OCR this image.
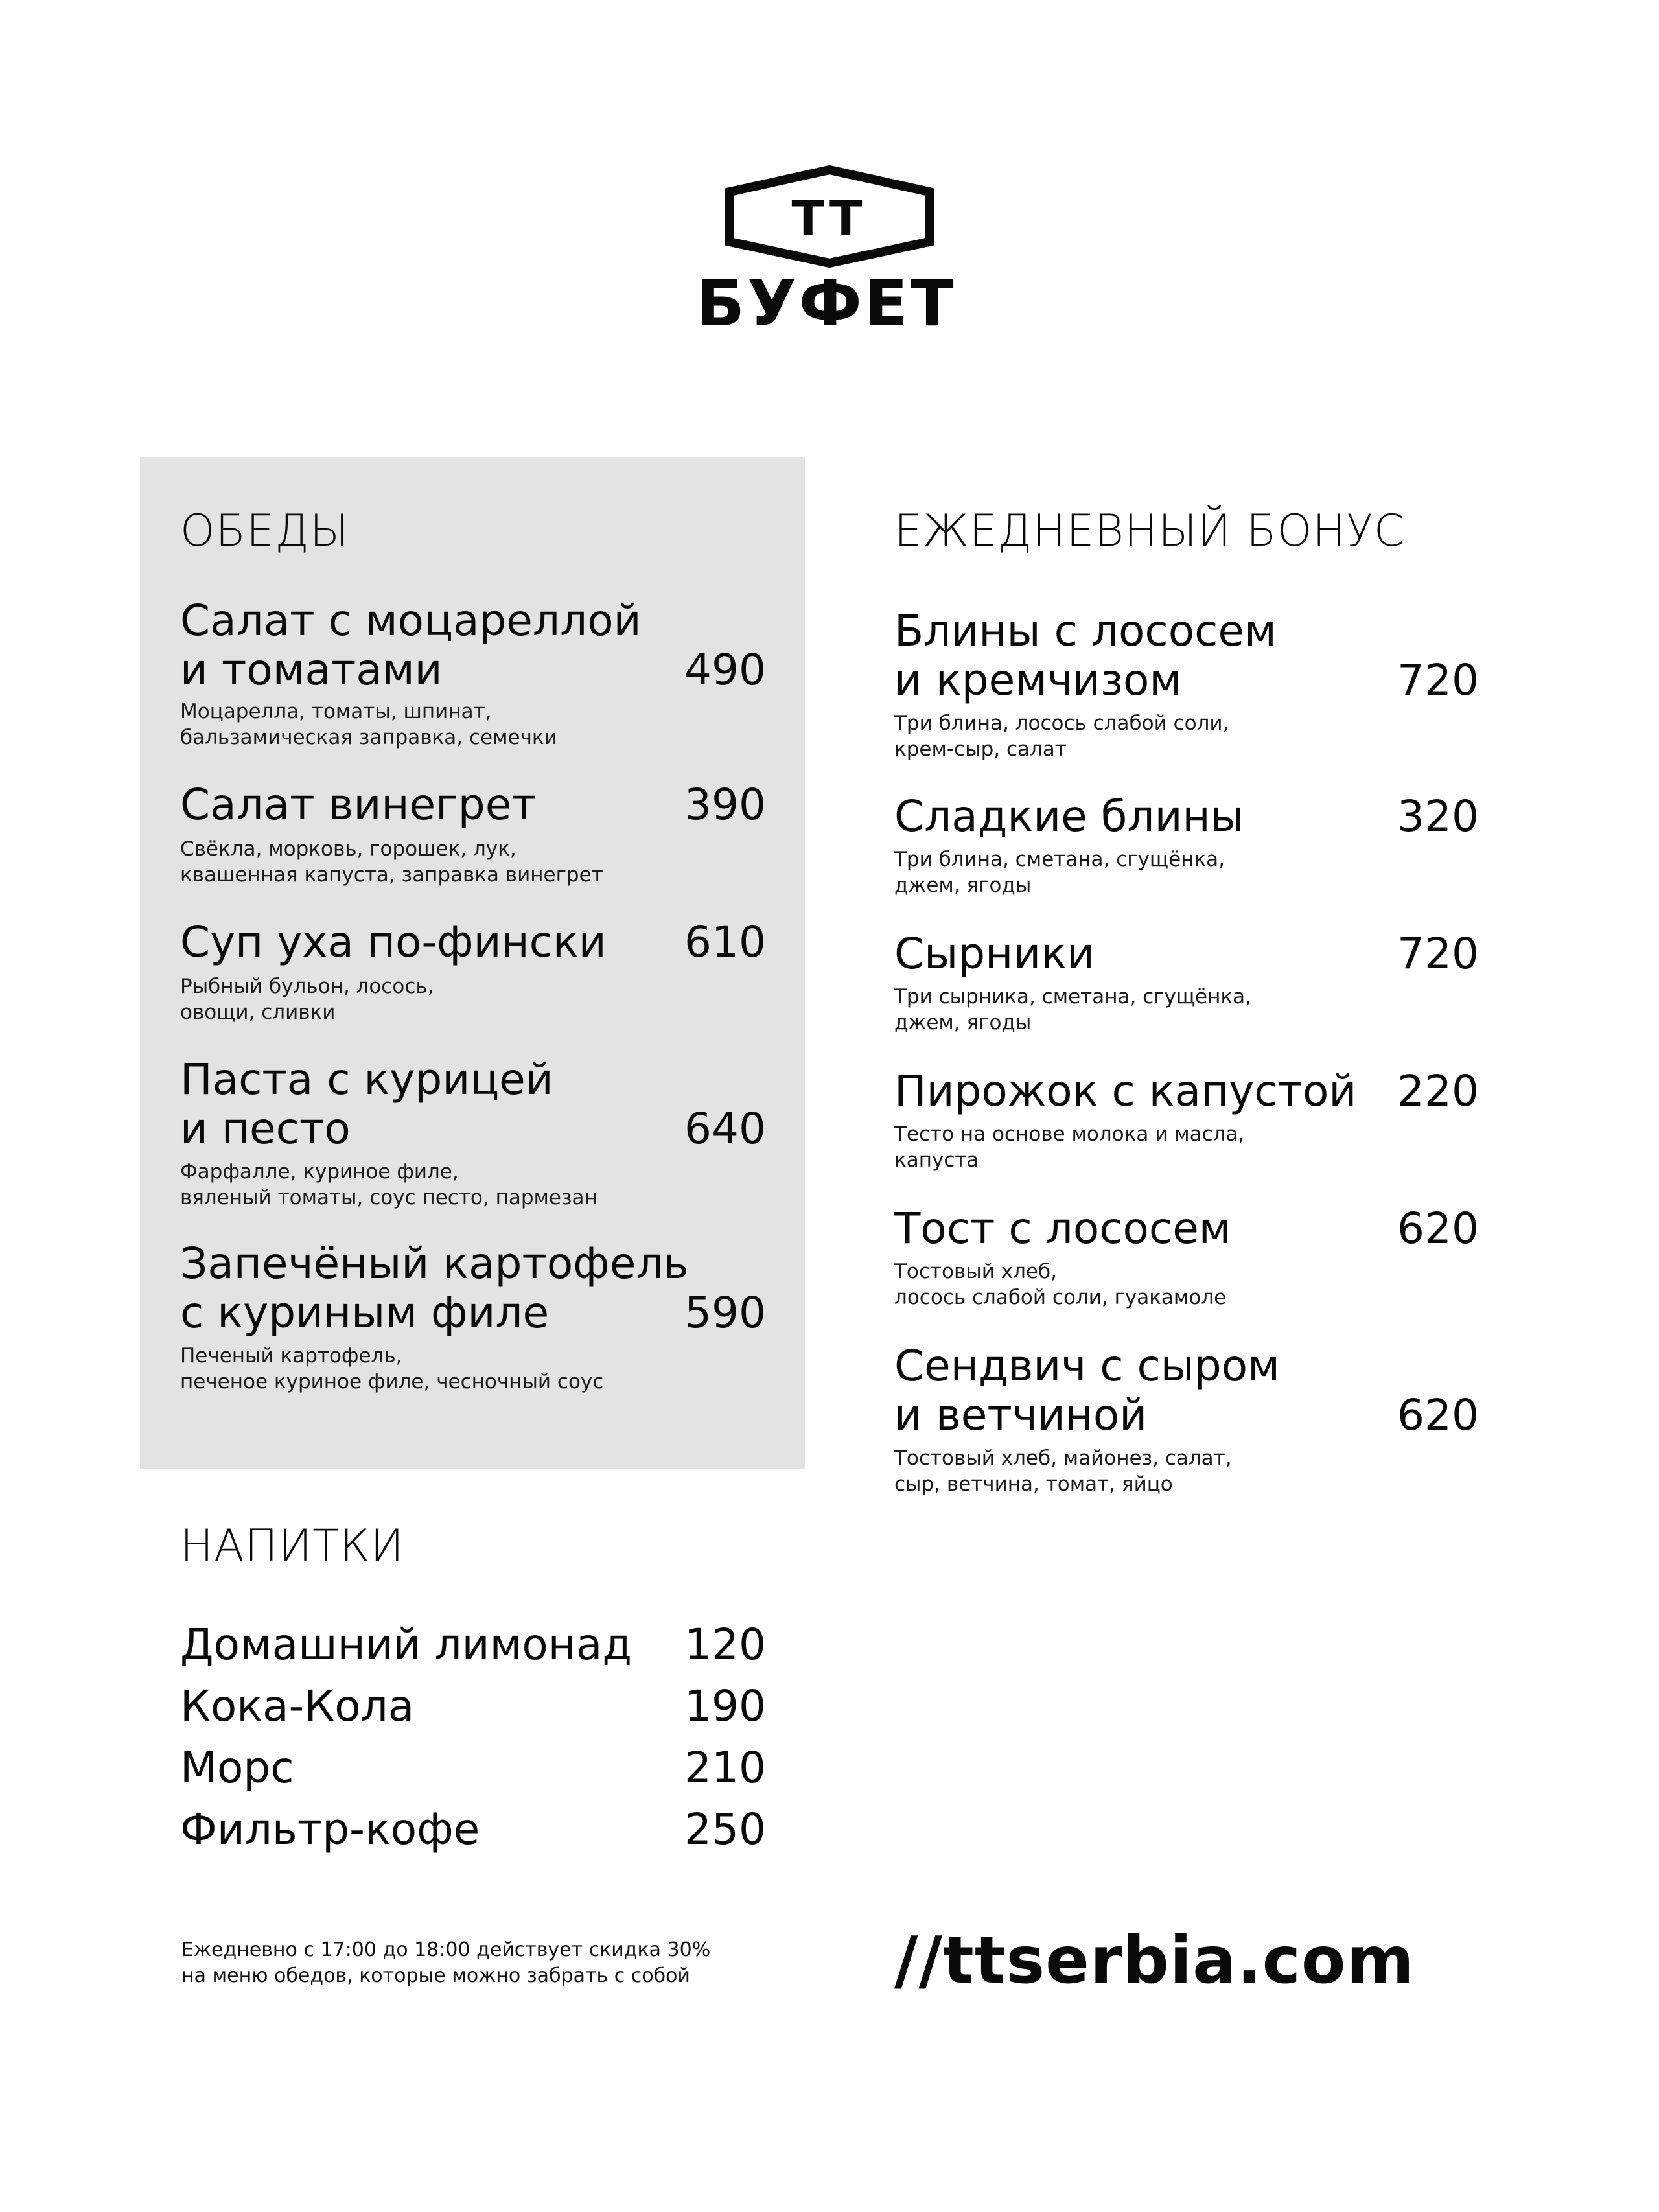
ТТ
БУФЕТ
ОБЕДЫ
Салат с моцареллой
и томатами	490
Моцарелла, томаты, шпинат,
бальзамическая заправка, семечки
Салат винегрет	390
Свёкла, морковь, горошек, лук,
квашенная капуста, заправка винегрет
Суп уха по-фински	610
Рыбный бульон, лосось,
овощи, сливки
Паста с курицей
и песто	640
Фарфалле, куриное филе,
вяленый томаты, соус песто, пармезан
Запечёный картофель
с куриным филе	590
Печеный картофель,
печеное куриное филе, чесночный соус
ЕЖЕДНЕВНЫЙ БОНУС
Блины с лососем
и кремчизом	720
Три блина, лосось слабой соли,
крем-сыр, салат
Сладкие блины	320
Три блина, сметана, сгущёнка,
джем, ягоды
Сырники	720
Три сырника, сметана, сгущёнка,
джем, ягоды
Пирожок с капустой 220
Тесто на основе молока и масла,
капуста
Тост с лососем	620
Тостовый хлеб,
лосось слабой соли, гуакамоле
Сендвич с сыром
и ветчиной	620
Тостовый хлеб, майонез, салат,
сыр, ветчина, томат, яйцо
НАПИТКИ
Домашний лимонад	120
Кока-Кола	190
Морс	210
Фильтр-кофе	250
Ежедневно с 17:00 до 18:00 действует скидка 30%
на меню обедов, которые можно забрать с собой	//ttserbia.com
